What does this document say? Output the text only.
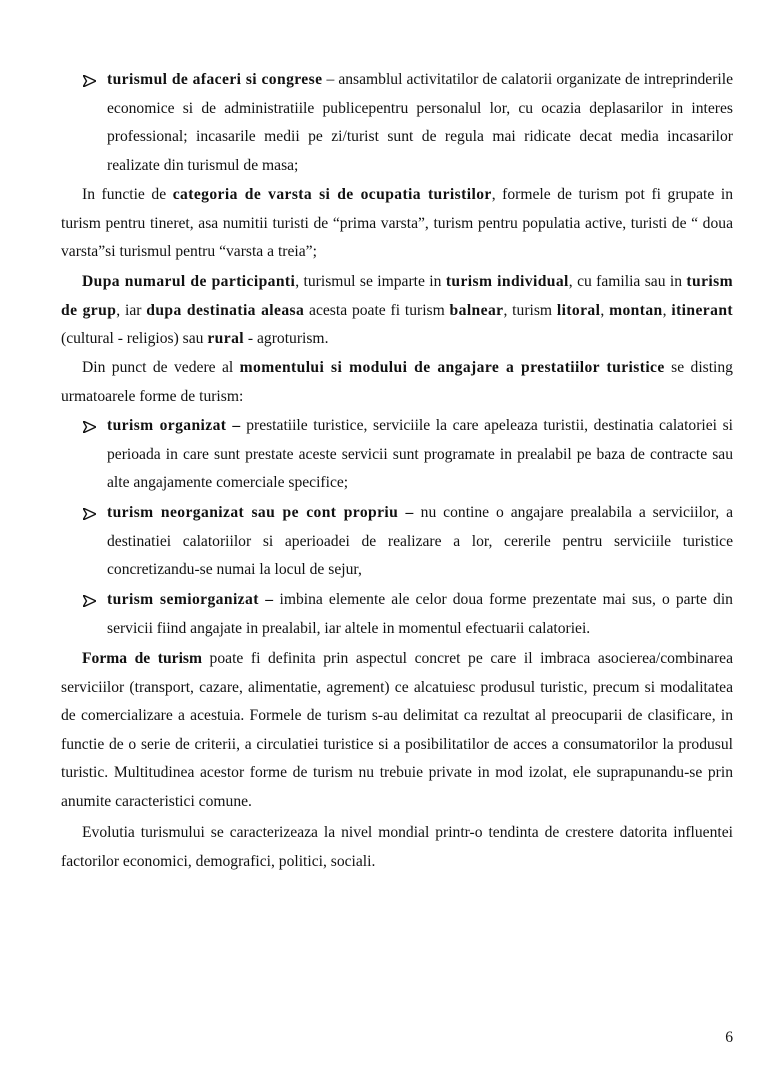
turismul de afaceri si congrese – ansamblul activitatilor de calatorii organizate de intreprinderile economice si de administratiile publicepentru personalul lor, cu ocazia deplasarilor in interes professional; incasarile medii pe zi/turist sunt de regula mai ridicate decat media incasarilor realizate din turismul de masa;

In functie de categoria de varsta si de ocupatia turistilor, formele de turism pot fi grupate in turism pentru tineret, asa numitii turisti de “prima varsta”, turism pentru populatia active, turisti de “ doua varsta”si turismul pentru “varsta a treia”;

Dupa numarul de participanti, turismul se imparte in turism individual, cu familia sau in turism de grup, iar dupa destinatia aleasa acesta poate fi turism balnear, turism litoral, montan, itinerant (cultural - religios) sau rural - agroturism.

Din punct de vedere al momentului si modului de angajare a prestatiilor turistice se disting urmatoarele forme de turism:

turism organizat – prestatiile turistice, serviciile la care apeleaza turistii, destinatia calatoriei si perioada in care sunt prestate aceste servicii sunt programate in prealabil pe baza de contracte sau alte angajamente comerciale specifice;

turism neorganizat sau pe cont propriu – nu contine o angajare prealabila a serviciilor, a destinatiei calatoriilor si aperioadei de realizare a lor, cererile pentru serviciile turistice concretizandu-se numai la locul de sejur,

turism semiorganizat – imbina elemente ale celor doua forme prezentate mai sus, o parte din servicii fiind angajate in prealabil, iar altele in momentul efectuarii calatoriei.

Forma de turism poate fi definita prin aspectul concret pe care il imbraca asocierea/combinarea serviciilor (transport, cazare, alimentatie, agrement) ce alcatuiesc produsul turistic, precum si modalitatea de comercializare a acestuia. Formele de turism s-au delimitat ca rezultat al preocuparii de clasificare, in functie de o serie de criterii, a circulatiei turistice si a posibilitatilor de acces a consumatorilor la produsul turistic. Multitudinea acestor forme de turism nu trebuie private in mod izolat, ele suprapunandu-se prin anumite caracteristici comune.

Evolutia turismului se caracterizeaza la nivel mondial printr-o tendinta de crestere datorita influentei factorilor economici, demografici, politici, sociali.

6
